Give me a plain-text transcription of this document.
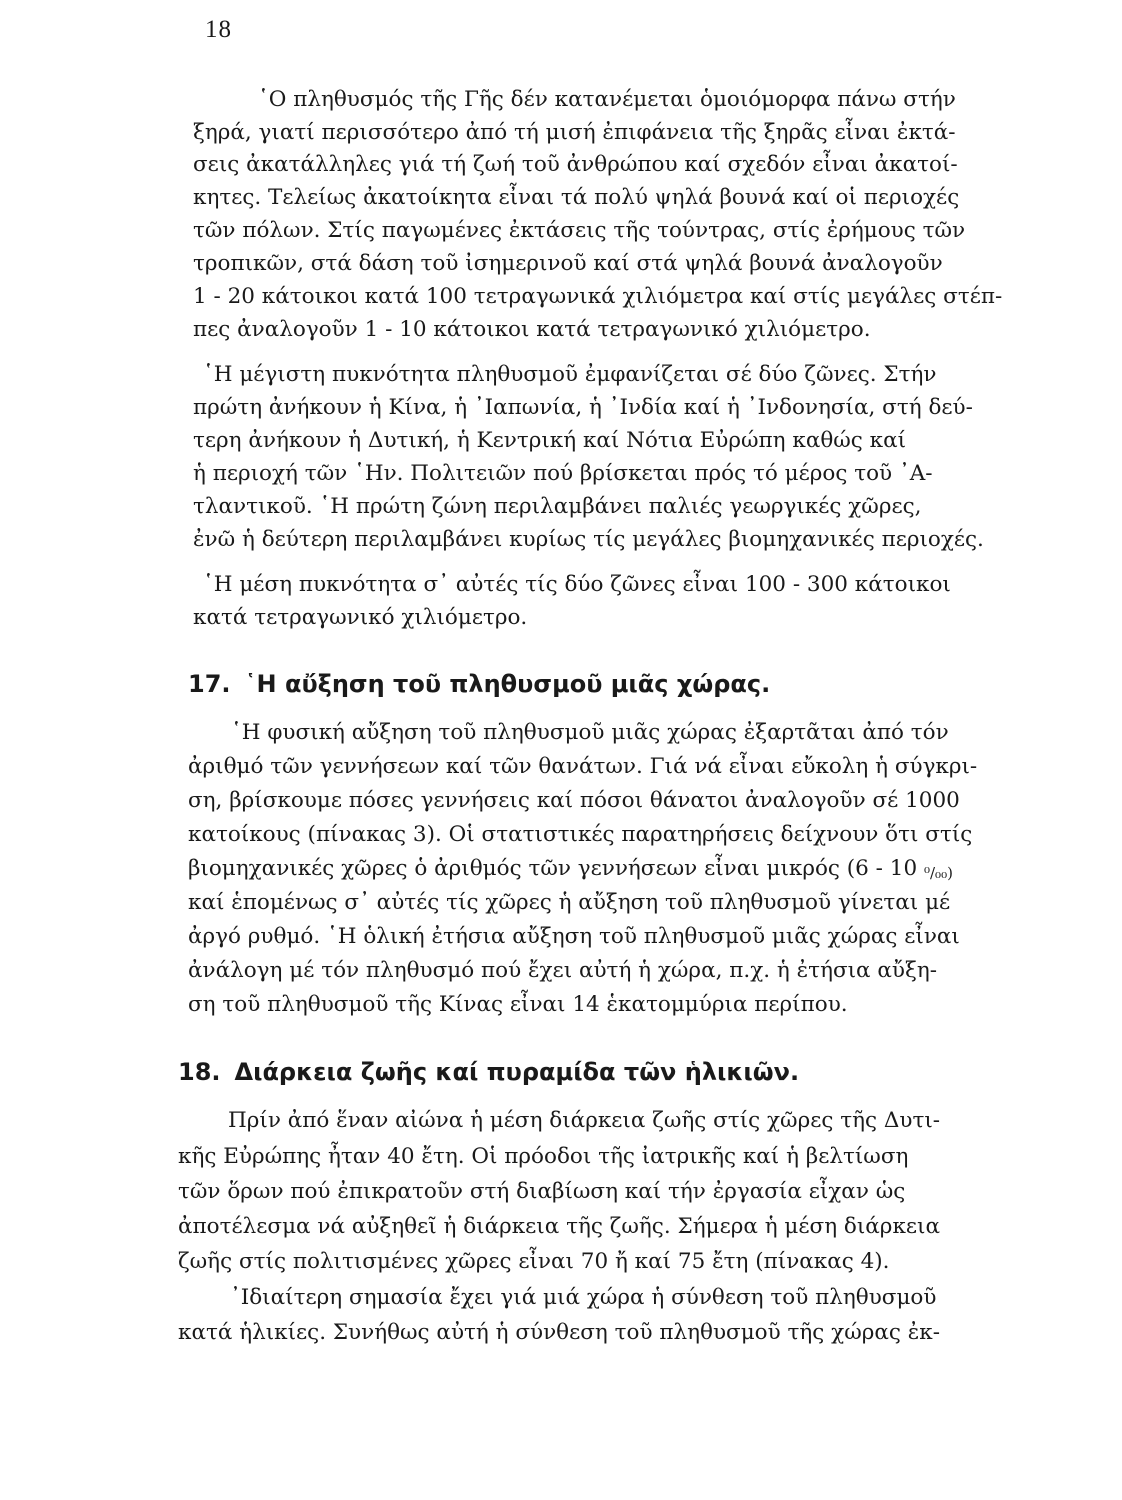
18
῾Ο πληθυσμός τῆς Γῆς δέν κατανέμεται ὁμοιόμορφα πάνω στήν
ξηρά, γιατί περισσότερο ἀπό τή μισή ἐπιφάνεια τῆς ξηρᾶς εἶναι ἐκτά-
σεις ἀκατάλληλες γιά τή ζωή τοῦ ἀνθρώπου καί σχεδόν εἶναι ἀκατοί-
κητες. Τελείως ἀκατοίκητα εἶναι τά πολύ ψηλά βουνά καί οἱ περιοχές
τῶν πόλων. Στίς παγωμένες ἐκτάσεις τῆς τούντρας, στίς ἐρήμους τῶν
τροπικῶν, στά δάση τοῦ ἰσημερινοῦ καί στά ψηλά βουνά ἀναλογοῦν
1 - 20 κάτοικοι κατά 100 τετραγωνικά χιλιόμετρα καί στίς μεγάλες στέπ-
πες ἀναλογοῦν 1 - 10 κάτοικοι κατά τετραγωνικό χιλιόμετρο.
῾Η μέγιστη πυκνότητα πληθυσμοῦ ἐμφανίζεται σέ δύο ζῶνες. Στήν
πρώτη ἀνήκουν ἡ Κίνα, ἡ ᾿Ιαπωνία, ἡ ᾿Ινδία καί ἡ ᾿Ινδονησία, στή δεύ-
τερη ἀνήκουν ἡ Δυτική, ἡ Κεντρική καί Νότια Εὐρώπη καθώς καί
ἡ περιοχή τῶν ῾Ην. Πολιτειῶν πού βρίσκεται πρός τό μέρος τοῦ ᾿Α-
τλαντικοῦ. ῾Η πρώτη ζώνη περιλαμβάνει παλιές γεωργικές χῶρες,
ἐνῶ ἡ δεύτερη περιλαμβάνει κυρίως τίς μεγάλες βιομηχανικές περιοχές.
῾Η μέση πυκνότητα σ᾿ αὐτές τίς δύο ζῶνες εἶναι 100 - 300 κάτοικοι
κατά τετραγωνικό χιλιόμετρο.
17. ῾Η αὔξηση τοῦ πληθυσμοῦ μιᾶς χώρας.
῾Η φυσική αὔξηση τοῦ πληθυσμοῦ μιᾶς χώρας ἐξαρτᾶται ἀπό τόν
ἀριθμό τῶν γεννήσεων καί τῶν θανάτων. Γιά νά εἶναι εὔκολη ἡ σύγκρι-
ση, βρίσκουμε πόσες γεννήσεις καί πόσοι θάνατοι ἀναλογοῦν σέ 1000
κατοίκους (πίνακας 3). Οἱ στατιστικές παρατηρήσεις δείχνουν ὅτι στίς
βιομηχανικές χῶρες ὁ ἀριθμός τῶν γεννήσεων εἶναι μικρός (6 - 10 ⁰/₀₀)
καί ἑπομένως σ᾿ αὐτές τίς χῶρες ἡ αὔξηση τοῦ πληθυσμοῦ γίνεται μέ
ἀργό ρυθμό. ῾Η ὁλική ἐτήσια αὔξηση τοῦ πληθυσμοῦ μιᾶς χώρας εἶναι
ἀνάλογη μέ τόν πληθυσμό πού ἔχει αὐτή ἡ χώρα, π.χ. ἡ ἐτήσια αὔξη-
ση τοῦ πληθυσμοῦ τῆς Κίνας εἶναι 14 ἑκατομμύρια περίπου.
18. Διάρκεια ζωῆς καί πυραμίδα τῶν ἡλικιῶν.
Πρίν ἀπό ἕναν αἰώνα ἡ μέση διάρκεια ζωῆς στίς χῶρες τῆς Δυτι-
κῆς Εὐρώπης ἦταν 40 ἔτη. Οἱ πρόοδοι τῆς ἰατρικῆς καί ἡ βελτίωση
τῶν ὅρων πού ἐπικρατοῦν στή διαβίωση καί τήν ἐργασία εἶχαν ὡς
ἀποτέλεσμα νά αὐξηθεῖ ἡ διάρκεια τῆς ζωῆς. Σήμερα ἡ μέση διάρκεια
ζωῆς στίς πολιτισμένες χῶρες εἶναι 70 ἤ καί 75 ἔτη (πίνακας 4).
᾿Ιδιαίτερη σημασία ἔχει γιά μιά χώρα ἡ σύνθεση τοῦ πληθυσμοῦ
κατά ἡλικίες. Συνήθως αὐτή ἡ σύνθεση τοῦ πληθυσμοῦ τῆς χώρας ἐκ-
